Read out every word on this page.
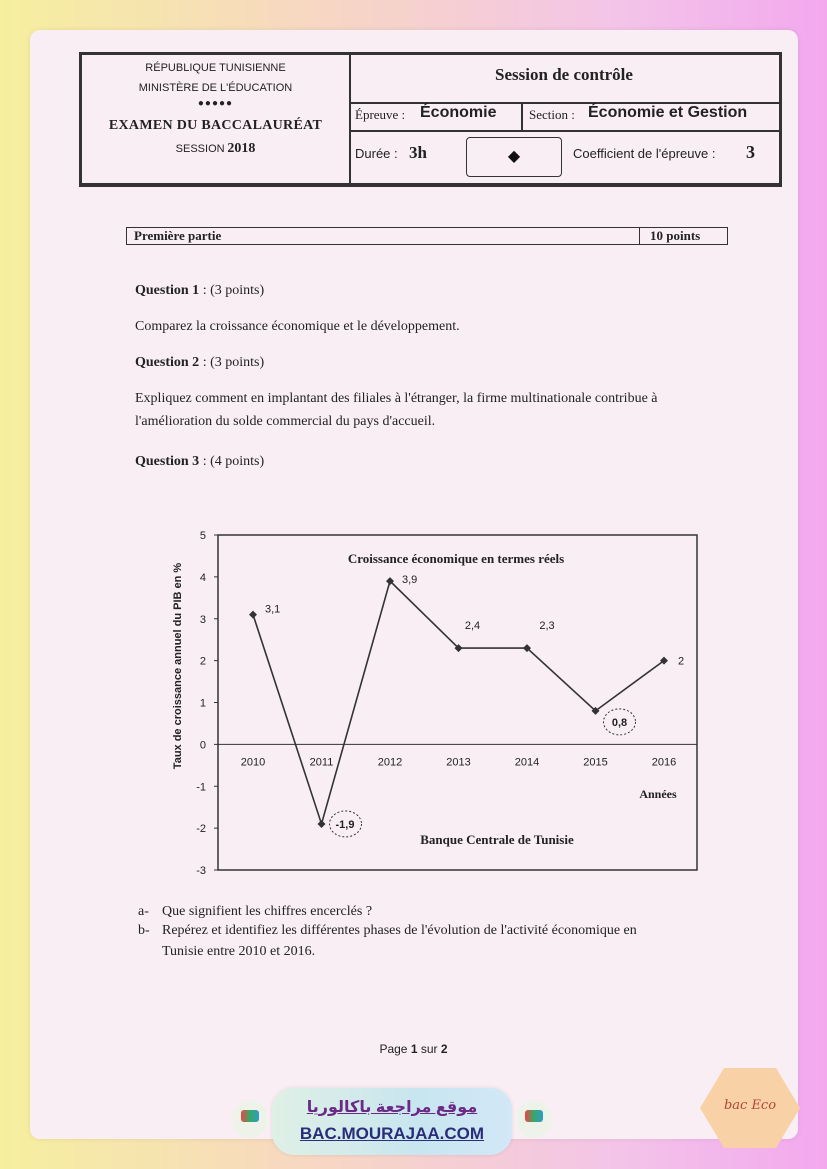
RÉPUBLIQUE TUNISIENNE
MINISTÈRE DE L'ÉDUCATION
●●●●●
EXAMEN DU BACCALAURÉAT
SESSION 2018
Session de contrôle
Épreuve : Économie	Section : Économie et Gestion
Durée : 3h	◆	Coefficient de l'épreuve : 3
Première partie	10 points
Question 1 : (3 points)
Comparez la croissance économique et le développement.
Question 2 : (3 points)
Expliquez comment en implantant des filiales à l'étranger, la firme multinationale contribue à
l'amélioration du solde commercial du pays d'accueil.
Question 3 : (4 points)
5
4
3
2
1
0
-1
-2
-3
Taux de croissance annuel du PIB en %	2010	2011	2012	2013	2014	2015	2016
3,1
-1,9
3,9
2,4	2,3
0,8
2
Croissance économique en termes réels
Années
Banque Centrale de Tunisie
a- Que signifient les chiffres encerclés ?
b- Repérez et identifiez les différentes phases de l'évolution de l'activité économique en
Tunisie entre 2010 et 2016.
Page 1 sur 2
موقع مراجعة باكالوريا
BAC.MOURAJAA.COM
bac Eco
